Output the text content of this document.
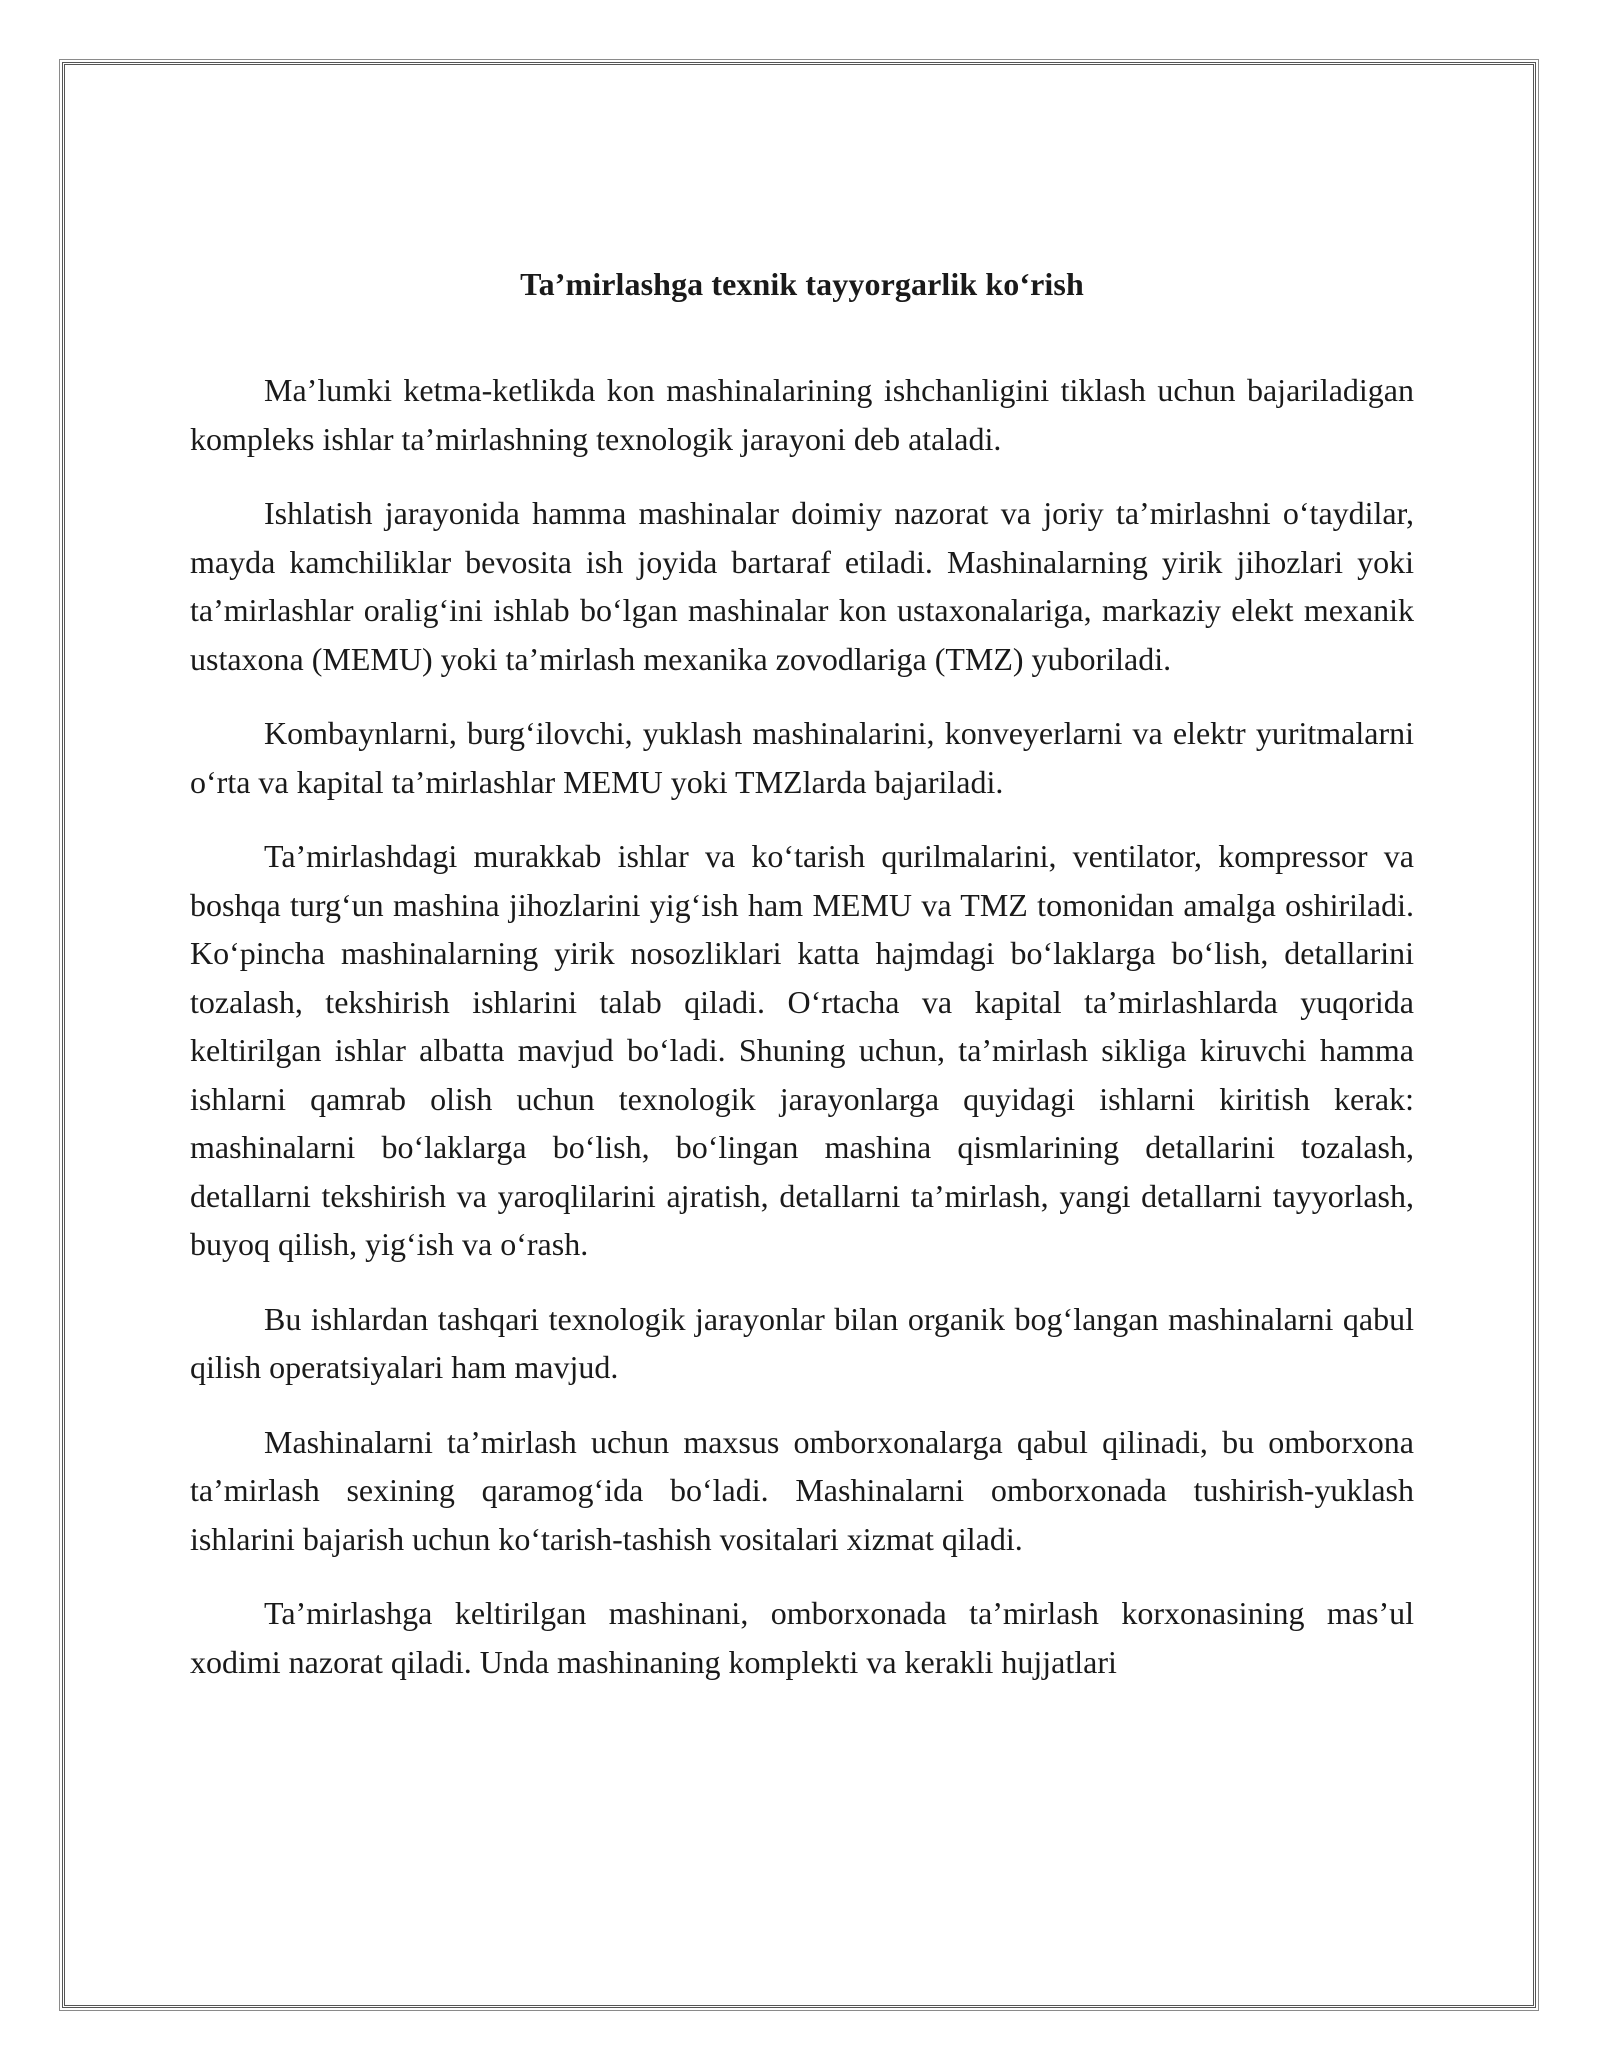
Ta’mirlashga texnik tayyorgarlik ko‘rish

Ma’lumki ketma-ketlikda kon mashinalarining ishchanligini tiklash uchun bajariladigan kompleks ishlar ta’mirlashning texnologik jarayoni deb ataladi.

Ishlatish jarayonida hamma mashinalar doimiy nazorat va joriy ta’mirlashni o‘taydilar, mayda kamchiliklar bevosita ish joyida bartaraf etiladi. Mashinalarning yirik jihozlari yoki ta’mirlashlar oralig‘ini ishlab bo‘lgan mashinalar kon ustaxonalariga, markaziy elekt mexanik ustaxona (MEMU) yoki ta’mirlash mexanika zovodlariga (TMZ) yuboriladi.

Kombaynlarni, burg‘ilovchi, yuklash mashinalarini, konveyerlarni va elektr yuritmalarni o‘rta va kapital ta’mirlashlar MEMU yoki TMZlarda bajariladi.

Ta’mirlashdagi murakkab ishlar va ko‘tarish qurilmalarini, ventilator, kompressor va boshqa turg‘un mashina jihozlarini yig‘ish ham MEMU va TMZ tomonidan amalga oshiriladi. Ko‘pincha mashinalarning yirik nosozliklari katta hajmdagi bo‘laklarga bo‘lish, detallarini tozalash, tekshirish ishlarini talab qiladi. O‘rtacha va kapital ta’mirlashlarda yuqorida keltirilgan ishlar albatta mavjud bo‘ladi. Shuning uchun, ta’mirlash sikliga kiruvchi hamma ishlarni qamrab olish uchun texnologik jarayonlarga quyidagi ishlarni kiritish kerak: mashinalarni bo‘laklarga bo‘lish, bo‘lingan mashina qismlarining detallarini tozalash, detallarni tekshirish va yaroqlilarini ajratish, detallarni ta’mirlash, yangi detallarni tayyorlash, buyoq qilish, yig‘ish va o‘rash.

Bu ishlardan tashqari texnologik jarayonlar bilan organik bog‘langan mashinalarni qabul qilish operatsiyalari ham mavjud.

Mashinalarni ta’mirlash uchun maxsus omborxonalarga qabul qilinadi, bu omborxona ta’mirlash sexining qaramog‘ida bo‘ladi. Mashinalarni omborxonada tushirish-yuklash ishlarini bajarish uchun ko‘tarish-tashish vositalari xizmat qiladi.

Ta’mirlashga keltirilgan mashinani, omborxonada ta’mirlash korxonasining mas’ul xodimi nazorat qiladi. Unda mashinaning komplekti va kerakli hujjatlari
